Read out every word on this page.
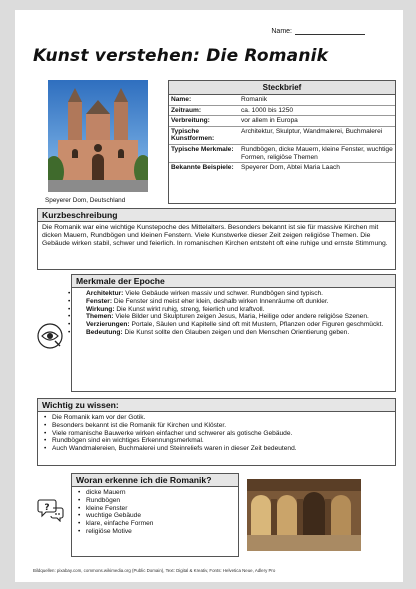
Name:
Kunst verstehen: Die Romanik
Speyerer Dom, Deutschland
Steckbrief
Name:	Romanik
Zeitraum:	ca. 1000 bis 1250
Verbreitung:	vor allem in Europa
Typische Kunstformen:
Architektur, Skulptur, Wandmalerei, Buchmalerei
Typische Merkmale:	Rundbögen, dicke Mauern, kleine Fenster, wuchtige Formen, religiöse Themen
Bekannte Beispiele:	Speyerer Dom, Abtei Maria Laach
Kurzbeschreibung
Die Romanik war eine wichtige Kunstepoche des Mittelalters. Besonders bekannt ist sie für massive Kirchen mit dicken Mauern, Rundbögen und kleinen Fenstern. Viele Kunstwerke dieser Zeit zeigen religiöse Themen. Die Gebäude wirken stabil, schwer und feierlich. In romanischen Kirchen entsteht oft eine ruhige und ernste Stimmung.
Merkmale der Epoche
• Architektur: Viele Gebäude wirken massiv und schwer. Rundbögen sind typisch.
• Fenster: Die Fenster sind meist eher klein, deshalb wirken Innenräume oft dunkler.
• Wirkung: Die Kunst wirkt ruhig, streng, feierlich und kraftvoll.
• Themen: Viele Bilder und Skulpturen zeigen Jesus, Maria, Heilige oder andere religiöse Szenen.
• Verzierungen: Portale, Säulen und Kapitelle sind oft mit Mustern, Pflanzen oder Figuren geschmückt.
• Bedeutung: Die Kunst sollte den Glauben zeigen und den Menschen Orientierung geben.
Wichtig zu wissen:
• Die Romanik kam vor der Gotik.
• Besonders bekannt ist die Romanik für Kirchen und Klöster.
• Viele romanische Bauwerke wirken einfacher und schwerer als gotische Gebäude.
• Rundbögen sind ein wichtiges Erkennungsmerkmal.
• Auch Wandmalereien, Buchmalerei und Steinreliefs waren in dieser Zeit bedeutend.
?
Woran erkenne ich die Romanik?
• dicke Mauern
• Rundbögen
• kleine Fenster
• wuchtige Gebäude
• klare, einfache Formen
• religiöse Motive
Bildquellen: pixabay.com, commons.wikimedia.org (Public Domain), Text: Digital & Kreativ, Fonts: Helvetica Neue, Adlery Pro
